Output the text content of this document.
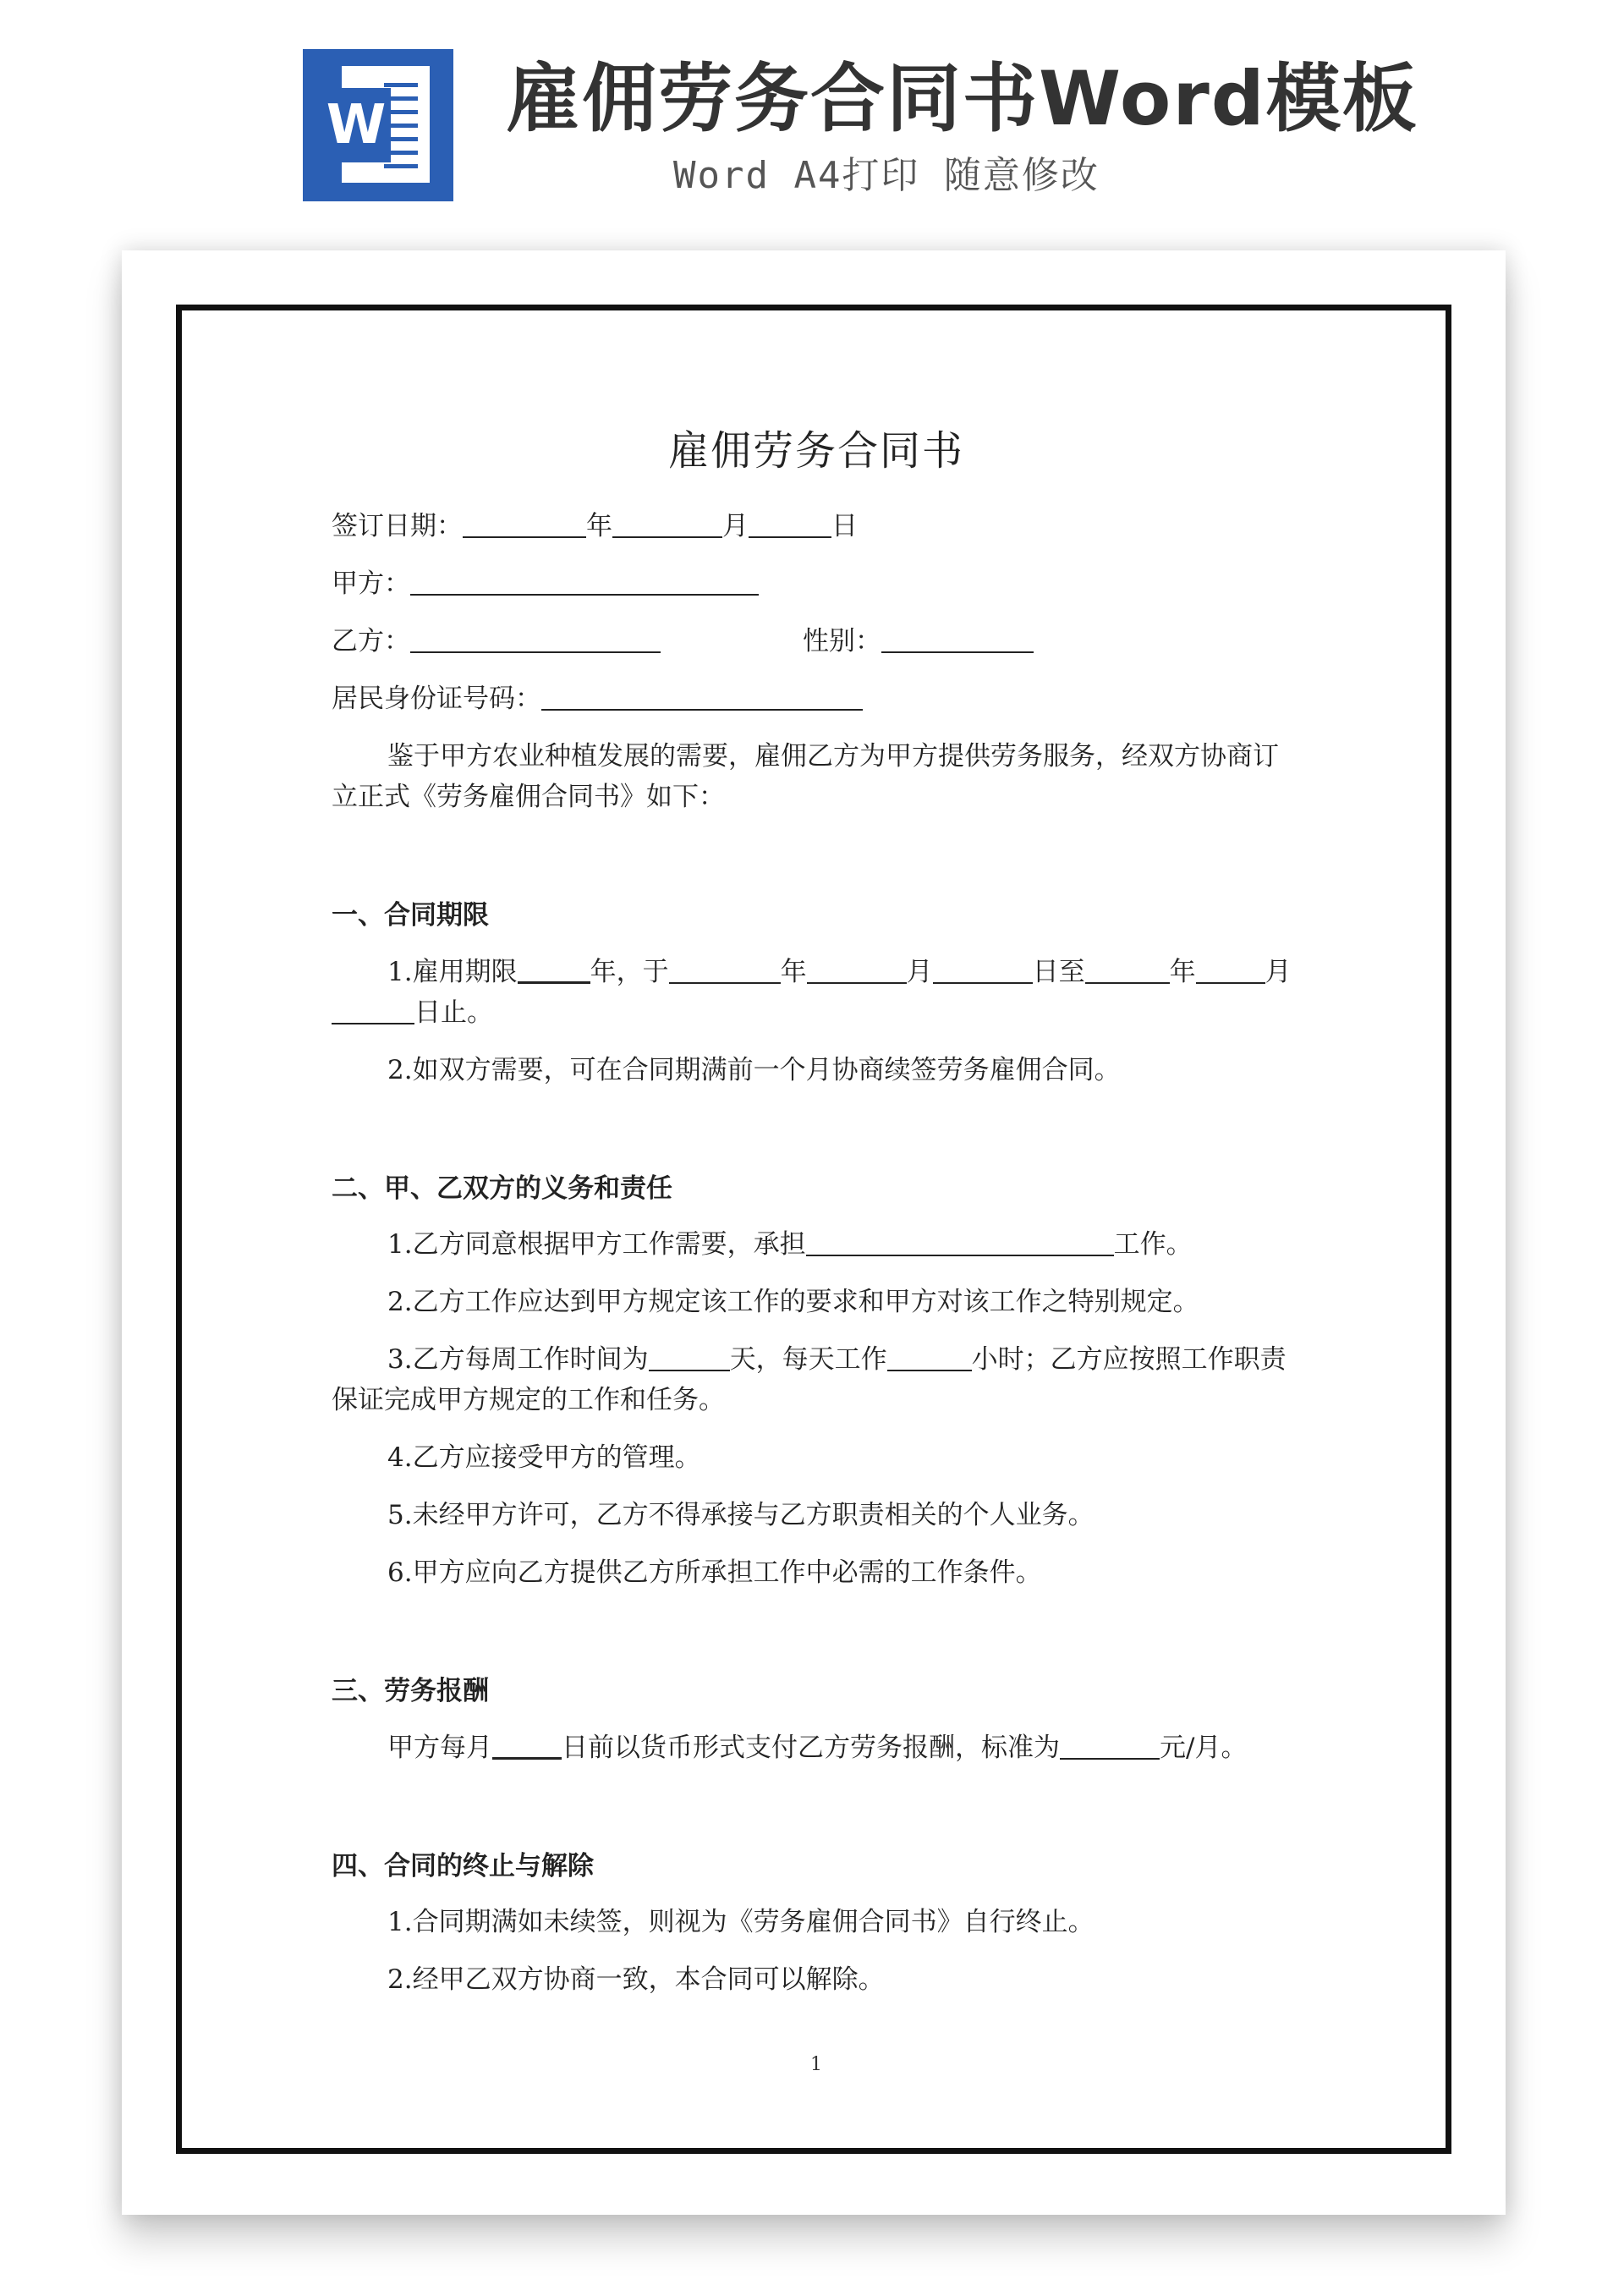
W 雇佣劳务合同书Word模板
Word A4打印 随意修改
雇佣劳务合同书

签订日期：	年	月	日

甲方：

乙方：	性别：

居民身份证号码：

鉴于甲方农业种植发展的需要，雇佣乙方为甲方提供劳务服务，经双方协商订立正式《劳务雇佣合同书》如下：

一、合同期限

1.雇用期限	年，于	年	月	日至	年	月日止。

2.如双方需要，可在合同期满前一个月协商续签劳务雇佣合同。

二、甲、乙双方的义务和责任

1.乙方同意根据甲方工作需要，承担	工作。

2.乙方工作应达到甲方规定该工作的要求和甲方对该工作之特别规定。

3.乙方每周工作时间为	天，每天工作	小时；乙方应按照工作职责保证完成甲方规定的工作和任务。

4.乙方应接受甲方的管理。

5.未经甲方许可，乙方不得承接与乙方职责相关的个人业务。

6.甲方应向乙方提供乙方所承担工作中必需的工作条件。

三、劳务报酬

甲方每月	日前以货币形式支付乙方劳务报酬，标准为	元/月。

四、合同的终止与解除

1.合同期满如未续签，则视为《劳务雇佣合同书》自行终止。

2.经甲乙双方协商一致，本合同可以解除。

1
